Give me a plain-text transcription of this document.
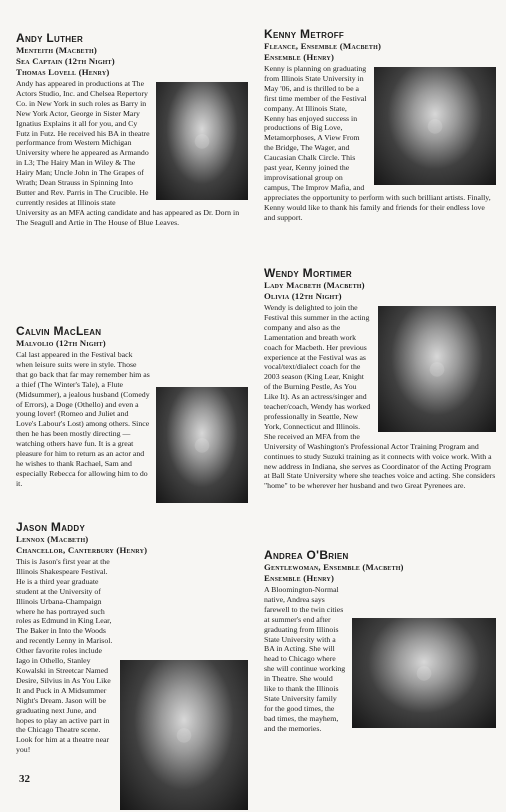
Andy Luther

Menteith (Macbeth)

Sea Captain (12th Night)

Thomas Lovell (Henry)

●

Andy has appeared in productions at The Actors Studio, Inc. and Chelsea Repertory Co. in New York in such roles as Barry in New York Actor, George in Sister Mary Ignatius Explains it all for you, and Cy Futz in Futz. He received his BA in theatre performance from Western Michigan University where he appeared as Armando in L3; The Hairy Man in Wiley & The Hairy Man; Uncle John in The Grapes of Wrath; Dean Strauss in Spinning Into Butter and Rev. Parris in The Crucible. He currently resides at Illinois state University as an MFA acting candidate and has appeared as Dr. Dorn in The Seagull and Artie in The House of Blue Leaves.

Calvin MacLean

Malvolio (12th Night)

●

Cal last appeared in the Festival back when leisure suits were in style. Those that go back that far may remember him as a thief (The Winter's Tale), a Flute (Midsummer), a jealous husband (Comedy of Errors), a Doge (Othello) and even a young lover! (Romeo and Juliet and Love's Labour's Lost) among others. Since then he has been mostly directing — watching others have fun. It is a great pleasure for him to return as an actor and he wishes to thank Rachael, Sam and especially Rebecca for allowing him to do it.

Jason Maddy

Lennox (Macbeth)

Chancellor, Canterbury (Henry)

●

This is Jason's first year at the Illinois Shakespeare Festival. He is a third year graduate student at the University of Illinois Urbana-Champaign where he has portrayed such roles as Edmund in King Lear, The Baker in Into the Woods and recently Lenny in Marisol. Other favorite roles include Iago in Othello, Stanley Kowalski in Streetcar Named Desire, Silvius in As You Like It and Puck in A Midsummer Night's Dream. Jason will be graduating next June, and hopes to play an active part in the Chicago Theatre scene. Look for him at a theatre near you!

Kenny Metroff

Fleance, Ensemble (Macbeth)

Ensemble (Henry)

●

Kenny is planning on graduating from Illinois State University in May '06, and is thrilled to be a first time member of the Festival company. At Illinois State, Kenny has enjoyed success in productions of Big Love, Metamorphoses, A View From the Bridge, The Wager, and Caucasian Chalk Circle. This past year, Kenny joined the improvisational group on campus, The Improv Mafia, and appreciates the opportunity to perform with such brilliant artists. Finally, Kenny would like to thank his family and friends for their endless love and support.

Wendy Mortimer

Lady Macbeth (Macbeth)

Olivia (12th Night)

●

Wendy is delighted to join the Festival this summer in the acting company and also as the Lamentation and breath work coach for Macbeth. Her previous experience at the Festival was as vocal/text/dialect coach for the 2003 season (King Lear, Knight of the Burning Pestle, As You Like It). As an actress/singer and teacher/coach, Wendy has worked professionally in Seattle, New York, Connecticut and Illinois. She received an MFA from the University of Washington's Professional Actor Training Program and continues to study Suzuki training as it connects with voice work. With a new address in Indiana, she serves as Coordinator of the Acting Program at Ball State University where she teaches voice and acting. She considers "home" to be wherever her husband and two Great Pyrenees are.

Andrea O'Brien

Gentlewoman, Ensemble (Macbeth)

Ensemble (Henry)

●

A Bloomington-Normal native, Andrea says farewell to the twin cities at summer's end after graduating from Illinois State University with a BA in Acting. She will head to Chicago where she will continue working in Theatre. She would like to thank the Illinois State University family for the good times, the bad times, the mayhem, and the memories.

32
